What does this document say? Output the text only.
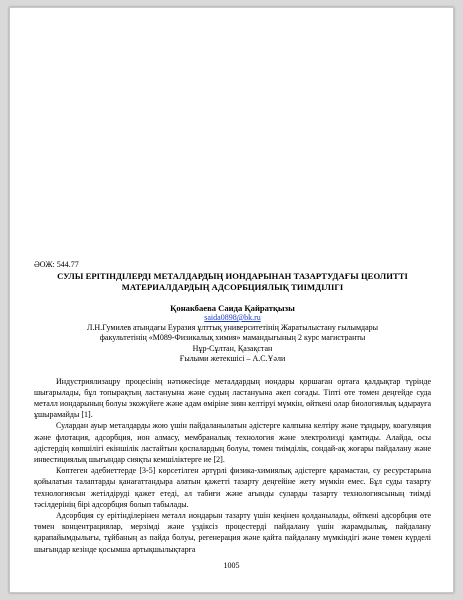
ӘОЖ: 544.77

СУЛЫ ЕРІТІНДІЛЕРДІ МЕТАЛДАРДЫҢ ИОНДАРЫНАН ТАЗАРТУДАҒЫ ЦЕОЛИТТІ
МАТЕРИАЛДАРДЫҢ АДСОРБЦИЯЛЫҚ ТИІМДІЛІГІ

Қонакбаева Саида Қайратқызы

saida0898@bk.ru

Л.Н.Гумилев атындағы Еуразия ұлттық университетінің Жаратылыстану ғылымдары

факультетінің «М089-Физикалық химия» мамандығының 2 курс магистранты

Нұр-Сұлтан, Қазақстан

Ғылыми жетекшісі – А.С.Ұәли

Индустриялизацру процесінің нәтижесінде металдардың иондары қоршаған ортаға қалдықтар түрінде шығарылады, бұл топырақтың ластануына және судың ластануына әкеп соғады. Тіпті өте төмен деңгейде суда металл иондарының болуы экожүйеге және адам өміріне зиян келтіруі мүмкін, өйткені олар биологиялық ыдырауға ұшырамайды [1].

Сулардан ауыр металдарды жою үшін пайдаланылатын әдістерге калпына келтіру және тұндыру, коагуляция және флотация, адсорбция, ион алмасу, мембраналық технология және электролизді қамтиды. Алайда, осы әдістердің көпшілігі екіншілік ластайтын қоспалардың болуы, төмен тиімділік, сондай-ақ жоғары пайдалану және инвестициялық шығындар сияқты кемшіліктерге ие [2].

Көптеген әдебиеттерде [3-5] көрсетілген әртүрлі физика-химиялық әдістерге қарамастан, су ресурстарына қойылатын талаптарды қанағаттандыра алатын қажетті тазарту деңгейіне жету мүмкін емес. Бұл суды тазарту технологиясын жетілдіруді қажет етеді, ал табиғи және ағынды суларды тазарту технологиясының тиімді тәсілдерінің бірі адсорбция болып табылады.

Адсорбция су ерітінділерінен металл иондарын тазарту үшін кеңінен қолданылады, өйткені адсорбция өте төмен концентрациялар, мерзімді және үздіксіз процестерді пайдалану үшін жарамдылық, пайдалану қарапайымдылығы, тұйбаның аз пайда болуы, регенерация және қайта пайдалану мүмкіндігі және төмен күрделі шығындар кезінде қосымша артықшылықтарға

1005
